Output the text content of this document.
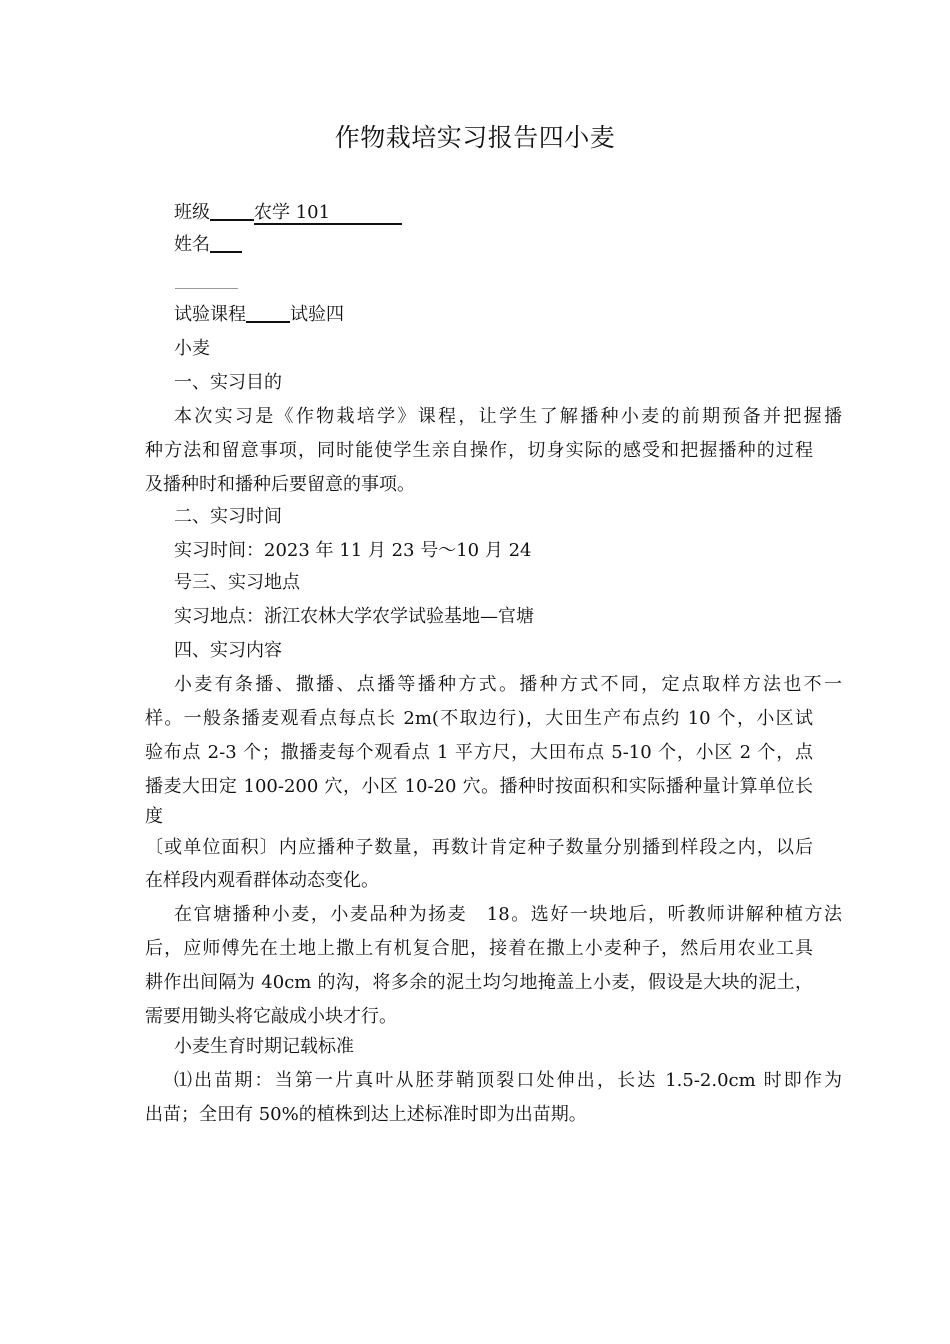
作物栽培实习报告四小麦
班级 农学 101
姓名
试验课程 试验四
小麦
一、实习目的
本次实习是《作物栽培学》课程，让学生了解播种小麦的前期预备并把握播
种方法和留意事项，同时能使学生亲自操作，切身实际的感受和把握播种的过程
及播种时和播种后要留意的事项。
二、实习时间
实习时间：2023 年 11 月 23 号～10 月 24
号三、实习地点
实习地点：浙江农林大学农学试验基地—官塘
四、实习内容
小麦有条播、撒播、点播等播种方式。播种方式不同，定点取样方法也不一
样。一般条播麦观看点每点长 2m(不取边行)，大田生产布点约 10 个，小区试
验布点 2-3 个；撒播麦每个观看点 1 平方尺，大田布点 5-10 个，小区 2 个，点
播麦大田定 100-200 穴，小区 10-20 穴。播种时按面积和实际播种量计算单位长
度
〔或单位面积〕内应播种子数量，再数计肯定种子数量分别播到样段之内，以后
在样段内观看群体动态变化。
在官塘播种小麦，小麦品种为扬麦　18。选好一块地后，听教师讲解种植方法
后，应师傅先在土地上撒上有机复合肥，接着在撒上小麦种子，然后用农业工具
耕作出间隔为 40cm 的沟，将多余的泥土均匀地掩盖上小麦，假设是大块的泥土，
需要用锄头将它敲成小块才行。
小麦生育时期记载标准
⑴出苗期：当第一片真叶从胚芽鞘顶裂口处伸出，长达 1.5-2.0cm 时即作为
出苗；全田有 50%的植株到达上述标准时即为出苗期。
